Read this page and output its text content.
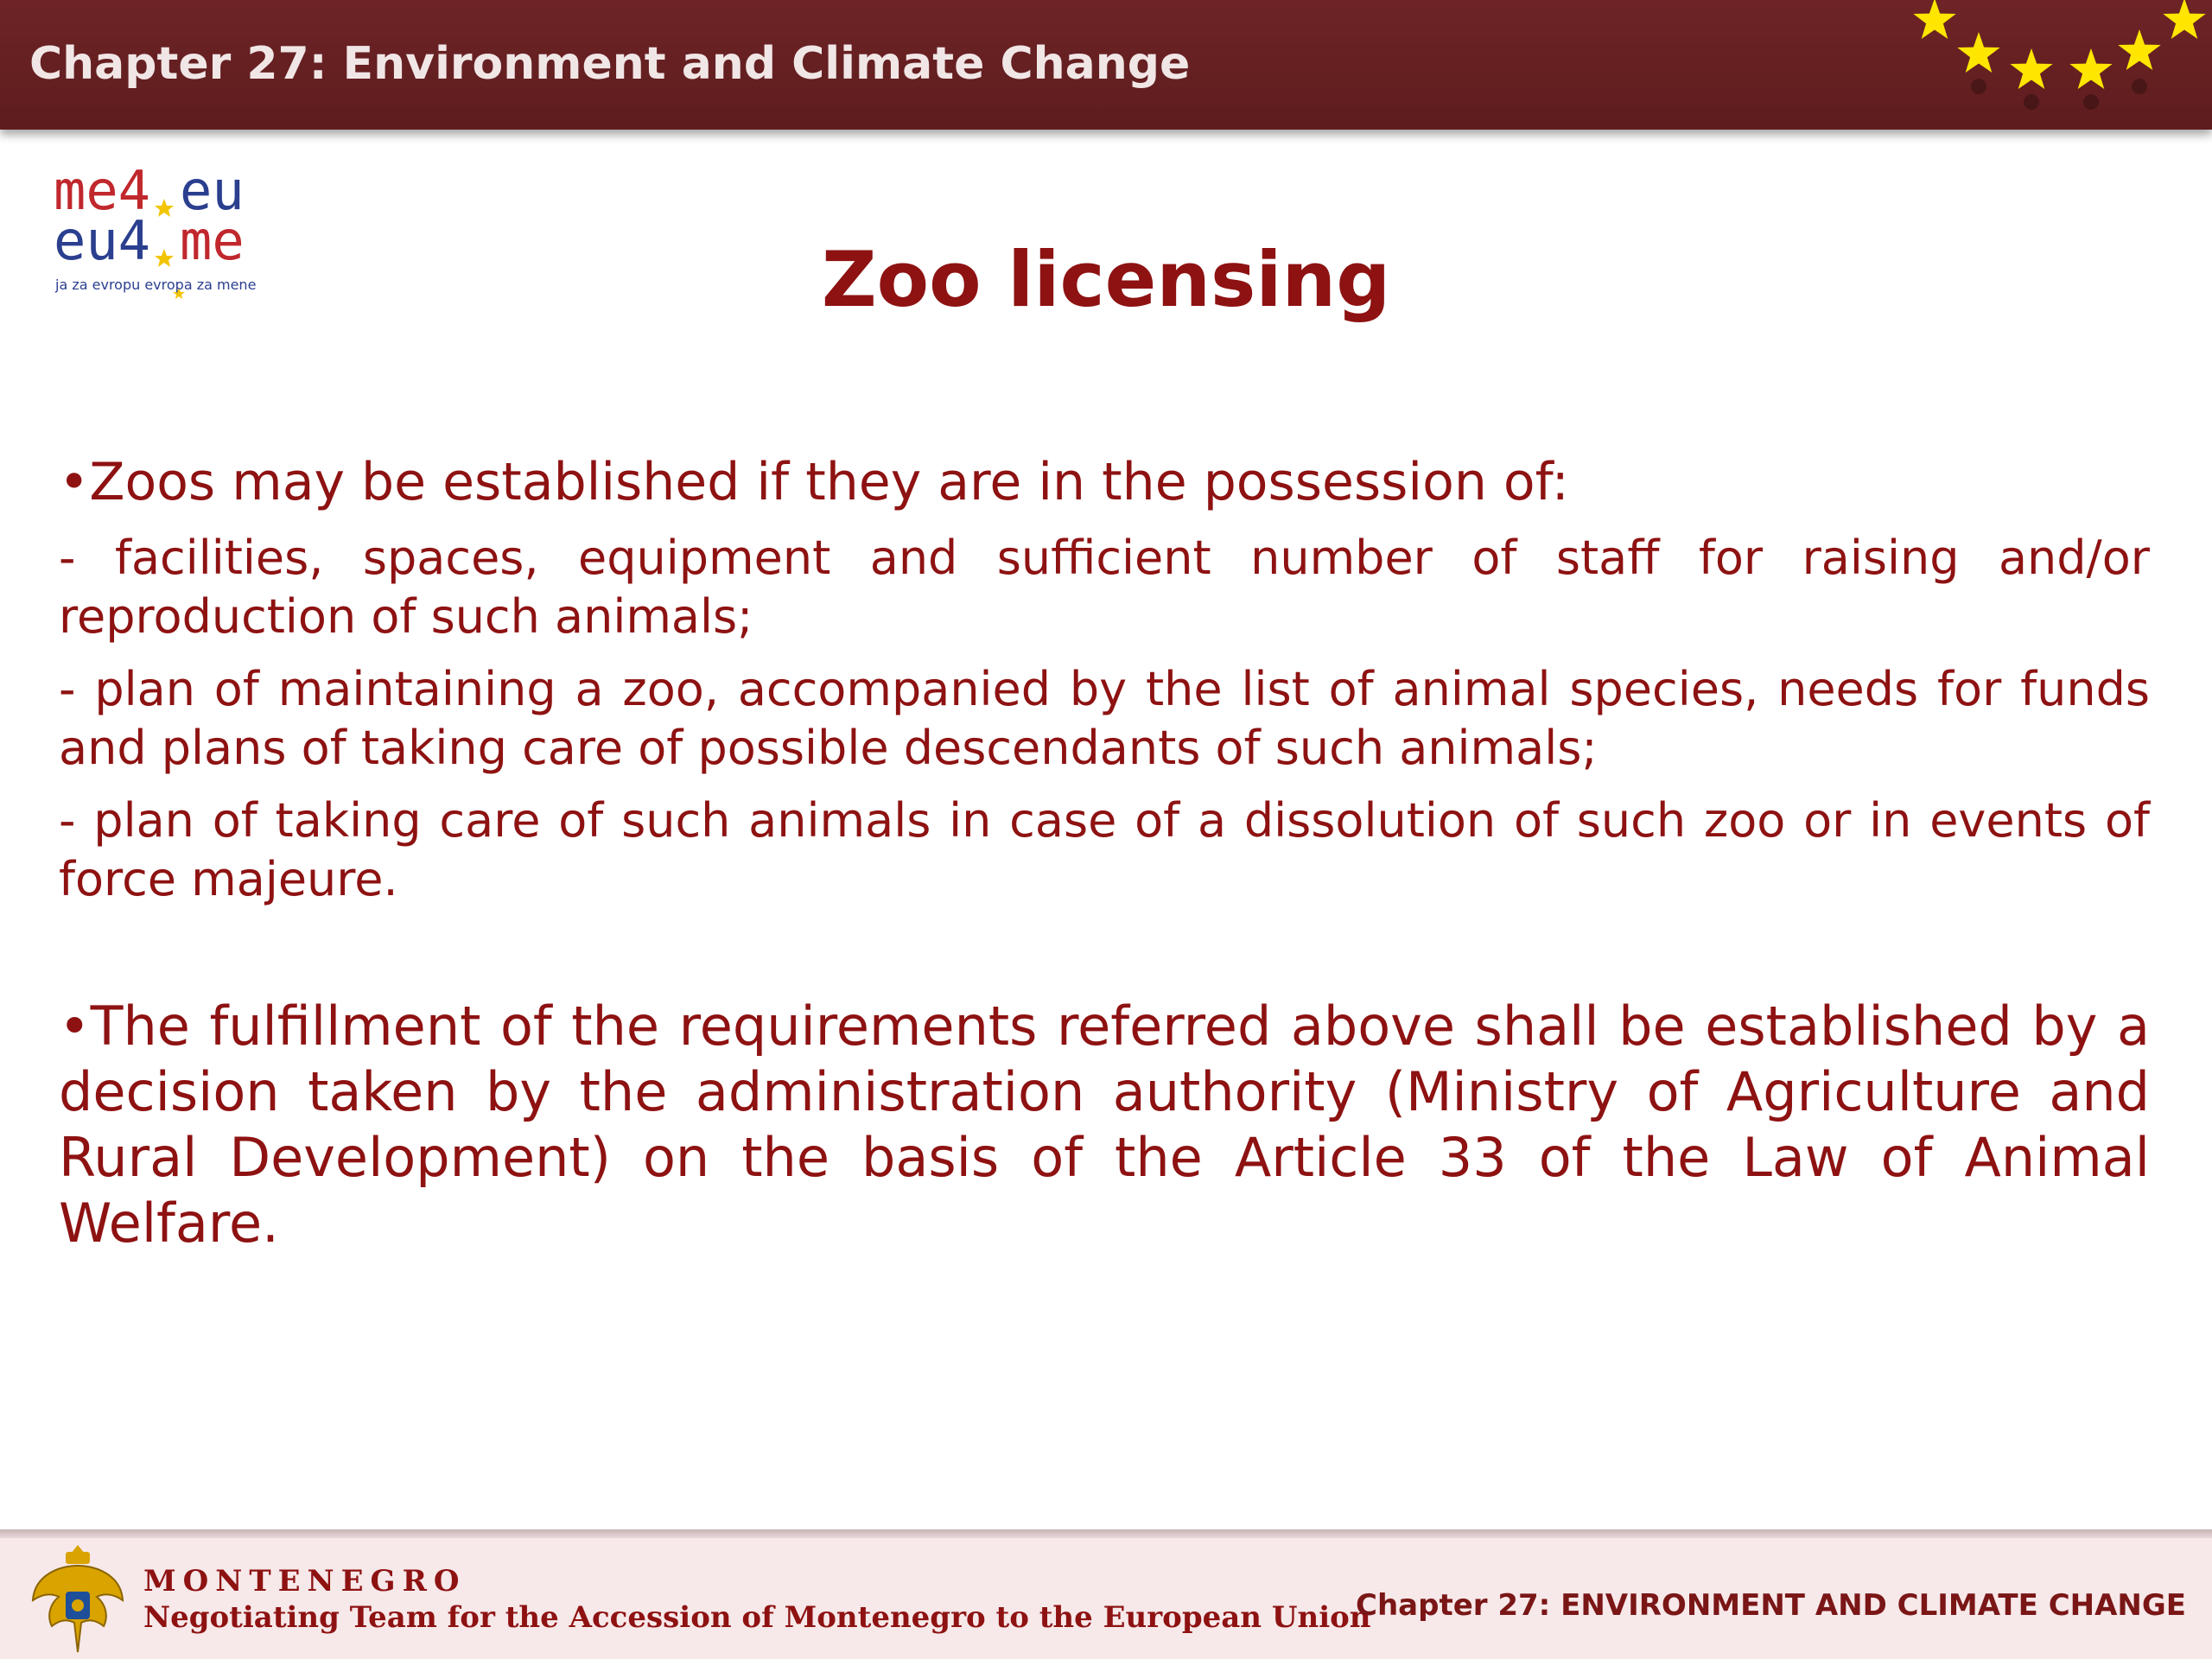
Chapter 27: Environment and Climate Change
me4 eu
eu4 me
ja za evropu evropa za mene	Zoo licensing

•Zoos may be established if they are in the possession of:

- facilities, spaces, equipment and sufficient number of staff for raising and/or reproduction of such animals;

- plan of maintaining a zoo, accompanied by the list of animal species, needs for funds and plans of taking care of possible descendants of such animals;

- plan of taking care of such animals in case of a dissolution of such zoo or in events of force majeure.

•The fulfillment of the requirements referred above shall be established by a decision taken by the administration authority (Ministry of Agriculture and Rural Development) on the basis of the Article 33 of the Law of Animal Welfare.

MONTENEGRO
Negotiating Team for the Accession of Montenegro to the European Union
Chapter 27: ENVIRONMENT AND CLIMATE CHANGE
